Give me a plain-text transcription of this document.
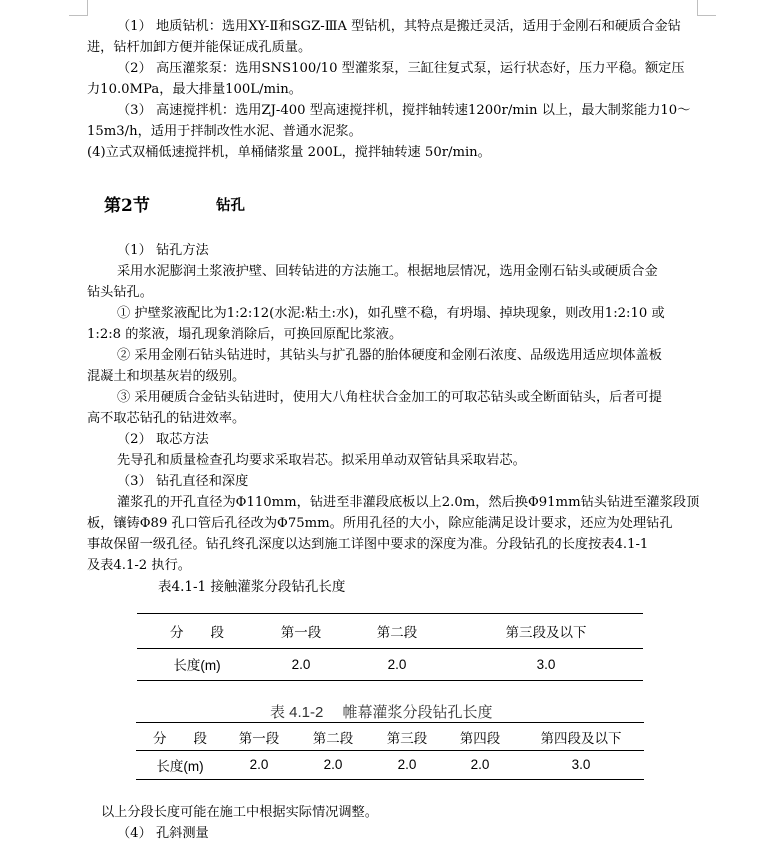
（1） 地质钻机：选用XY-Ⅱ和SGZ-ⅢA 型钻机，其特点是搬迁灵活，适用于金刚石和硬质合金钻
进，钻杆加卸方便并能保证成孔质量。
（2） 高压灌浆泵：选用SNS100/10 型灌浆泵，三缸往复式泵，运行状态好，压力平稳。额定压
力10.0MPa，最大排量100L/min。
（3） 高速搅拌机：选用ZJ-400 型高速搅拌机，搅拌轴转速1200r/min 以上，最大制浆能力10～
15m3/h，适用于拌制改性水泥、普通水泥浆。
(4)立式双桶低速搅拌机，单桶储浆量 200L，搅拌轴转速 50r/min。
第2节	钻孔
（1） 钻孔方法
采用水泥膨润土浆液护壁、回转钻进的方法施工。根据地层情况，选用金刚石钻头或硬质合金
钻头钻孔。
① 护壁浆液配比为1:2:12(水泥:粘土:水)，如孔壁不稳，有坍塌、掉块现象，则改用1:2:10 或
1:2:8 的浆液，塌孔现象消除后，可换回原配比浆液。
② 采用金刚石钻头钻进时，其钻头与扩孔器的胎体硬度和金刚石浓度、品级选用适应坝体盖板
混凝土和坝基灰岩的级别。
③ 采用硬质合金钻头钻进时，使用大八角柱状合金加工的可取芯钻头或全断面钻头，后者可提
高不取芯钻孔的钻进效率。
（2） 取芯方法
先导孔和质量检查孔均要求采取岩芯。拟采用单动双管钻具采取岩芯。
（3） 钻孔直径和深度
灌浆孔的开孔直径为Φ110mm，钻进至非灌段底板以上2.0m，然后换Φ91mm钻头钻进至灌浆段顶
板，镶铸Φ89 孔口管后孔径改为Φ75mm。所用孔径的大小，除应能满足设计要求，还应为处理钻孔
事故保留一级孔径。钻孔终孔深度以达到施工详图中要求的深度为准。分段钻孔的长度按表4.1-1
及表4.1-2 执行。
表4.1-1 接触灌浆分段钻孔长度
分　　段	第一段	第二段	第三段及以下
长度(m)	2.0	2.0	3.0
表 4.1-2　 帷幕灌浆分段钻孔长度
分　　段	第一段	第二段	第三段	第四段	第四段及以下
长度(m)	2.0	2.0	2.0	2.0	3.0
以上分段长度可能在施工中根据实际情况调整。
（4） 孔斜测量
